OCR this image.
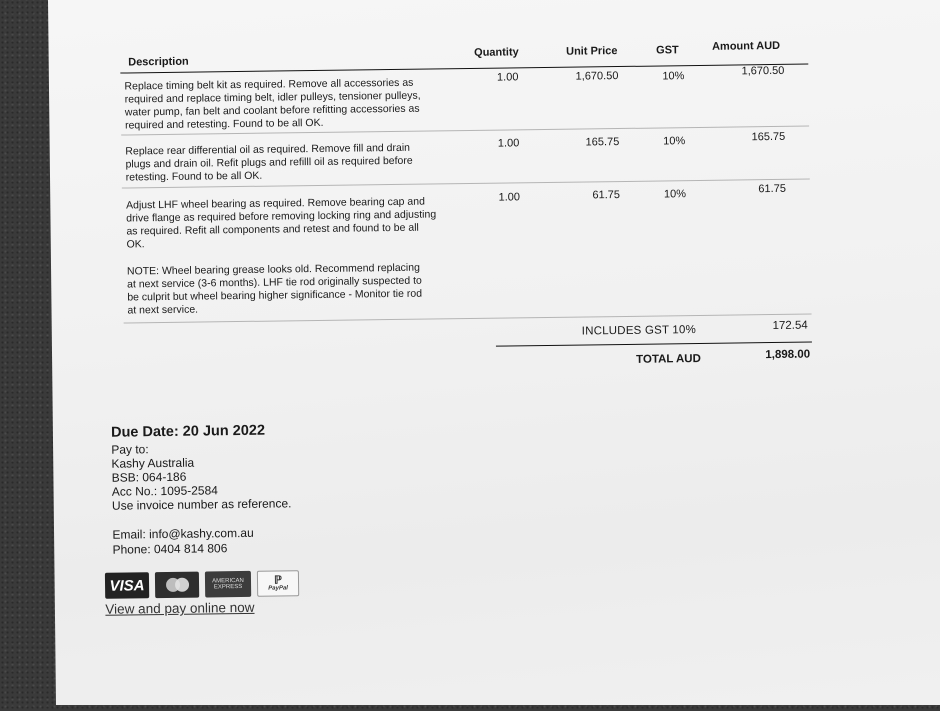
Description
Quantity	Unit Price	GST	Amount AUD
Replace timing belt kit as required. Remove all accessories as required and replace timing belt, idler pulleys, tensioner pulleys, water pump, fan belt and coolant before refitting accessories as required and retesting. Found to be all OK.
1.00	1,670.50	10%	1,670.50
Replace rear differential oil as required. Remove fill and drain plugs and drain oil. Refit plugs and refilll oil as required before retesting. Found to be all OK.
1.00	165.75	10%	165.75
Adjust LHF wheel bearing as required. Remove bearing cap and drive flange as required before removing locking ring and adjusting as required. Refit all components and retest and found to be all OK.
NOTE: Wheel bearing grease looks old. Recommend replacing at next service (3-6 months). LHF tie rod originally suspected to be culprit but wheel bearing higher significance - Monitor tie rod at next service.
1.00	61.75	10%	61.75
INCLUDES GST 10%	172.54
TOTAL AUD	1,898.00
Due Date: 20 Jun 2022
Pay to:
Kashy Australia
BSB: 064-186
Acc No.: 1095-2584
Use invoice number as reference.
Email: info@kashy.com.au
Phone: 0404 814 806
VISA	AMERICAN
EXPRESS
ℙ
PayPal
View and pay online now
